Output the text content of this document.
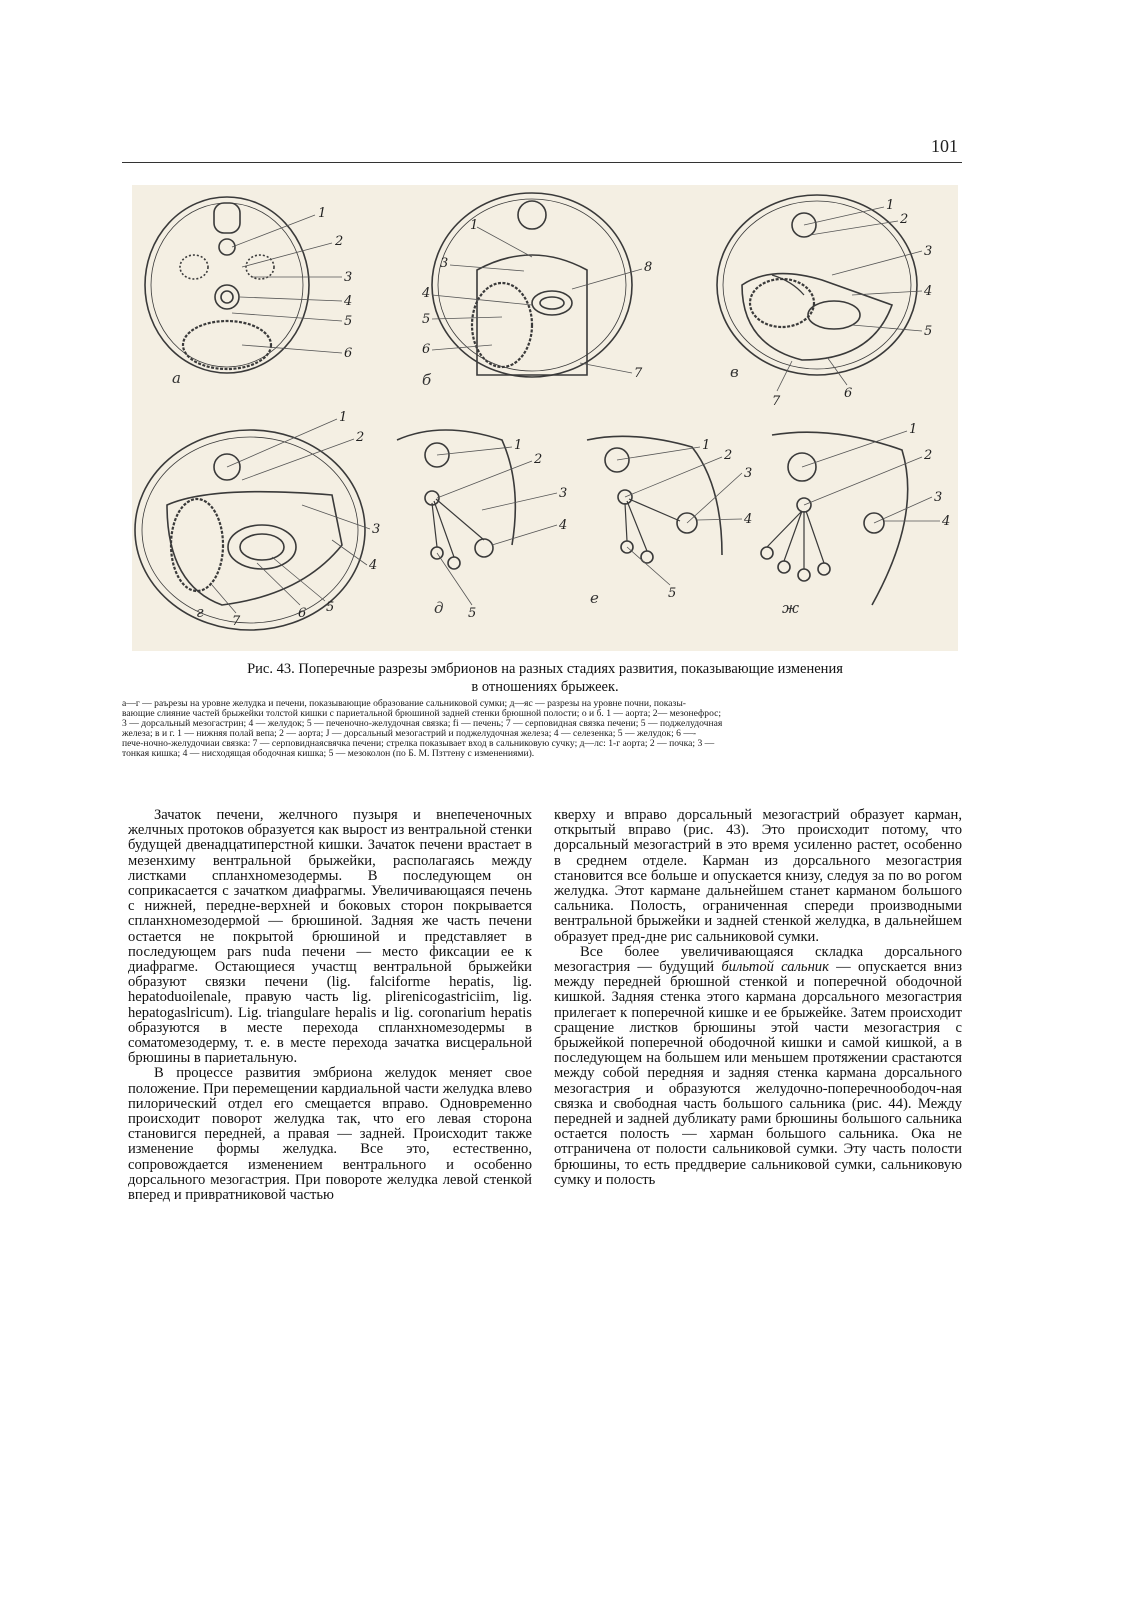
101
а	б	в
г	д
е
ж
1
2
3
4
5
6
1
3	8
4
5
6
7
1
2
3
4
5
6
7
1
2
3
4
5
6
7
1
2
3
4
5
1
2
3
4
5
1
2
3
4
Рис. 43. Поперечные разрезы эмбрионов на разных стадиях развития, показывающие изменения
в отношениях брыжеек.

а—г — раърезы на уровне желудка и печени, показывающие образование сальниковой сумки; д—яс — разрезы на уровне почни, показы-

вающие слияние частей брыжейки толстой кишки с париетальной брюшиной задней стенки брюшной полости; о и б. 1 — аорта; 2— мезонефрос;

3 — дорсальный мезогастрин; 4 — желудок; 5 — печеночно-желудочная связка; fi — печень; 7 — серповидная связка печени; 5 — поджелудочная

железа; в и г. 1 — нижняя полай вепа; 2 — аорта; J — дорсальный мезогастрий и поджелудочная железа; 4 — селезенка; 5 — желудок; 6 —-

пече-ночно-желудочиаи связка: 7 — серповиднаясвячка печени; стрелка показывает вход в сальниковую сучку; д—лс: 1-г аорта; 2 — почка; 3 —

тонкая кишка; 4 — нисходящая ободочная кишка; 5 — мезоколон (по Б. М. Пзттену с изменениями).

Зачаток печени, желчного пузыря и внепеченочных желчных протоков образуется как вырост из вентральной стенки будущей двенадцатиперстной кишки. Зачаток печени врастает в мезенхиму вентральной брыжейки, располагаясь между листками спланхномезодермы. В последующем он соприкасается с зачатком диафрагмы. Увеличивающаяся печень с нижней, передне-верхней и боковых сторон покрывается спланхномезодермой — брюшиной. Задняя же часть печени остается не покрытой брюшиной и представляет в последующем pars nuda печени — место фиксации ее к диафрагме. Остающиеся участщ вентральной брыжейки образуют связки печени (lig. falciforme hepatis, lig. hepatoduoilenale, правую часть lig. plirenicogastriciim, lig. hepatogaslricum). Lig. triangulare hepalis и lig. coronarium hepatis образуются в месте перехода спланхномезодермы в соматомезодерму, т. е. в месте перехода зачатка висцеральной брюшины в париетальную.

В процессе развития эмбриона желудок меняет свое положение. При перемещении кардиальной части желудка влево пилорический отдел его смещается вправо. Одновременно происходит поворот желудка так, что его левая сторона становигся передней, а правая — задней. Происходит также изменение формы желудка. Все это, естественно, сопровождается изменением вентрального и особенно дорсального мезогастрия. При повороте желудка левой стенкой вперед и привратниковой частью

кверху и вправо дорсальный мезогастрий образует карман, открытый вправо (рис. 43). Это происходит потому, что дорсальный мезогастрий в это время усиленно растет, особенно в среднем отделе. Карман из дорсального мезогастрия становится все больше и опускается книзу, следуя за по во рогом желудка. Этот кармане дальнейшем станет карманом большого сальника. Полость, ограниченная спереди производными вентральной брыжейки и задней стенкой желудка, в дальнейшем образует пред-дне рис сальниковой сумки.

Все более увеличивающаяся складка дорсального мезогастрия — будущий бильтой сальник — опускается вниз между передней брюшной стенкой и поперечной ободочной кишкой. Задняя стенка этого кармана дорсального мезогастрия прилегает к поперечной кишке и ее брыжейке. Затем происходит сращение листков брюшины этой части мезогастрия с брыжейкой поперечной ободочной кишки и самой кишкой, а в последующем на большем или меньшем протяжении срастаются между собой передняя и задняя стенка кармана дорсального мезогастрия и образуются желудочно-поперечноободоч-ная связка и свободная часть большого сальника (рис. 44). Между передней и задней дубликату рами брюшины большого сальника остается полость — харман большого сальника. Ока не отграничена от полости сальниковой сумки. Эту часть полости брюшины, то есть преддверие сальниковой сумки, сальниковую сумку и полость
